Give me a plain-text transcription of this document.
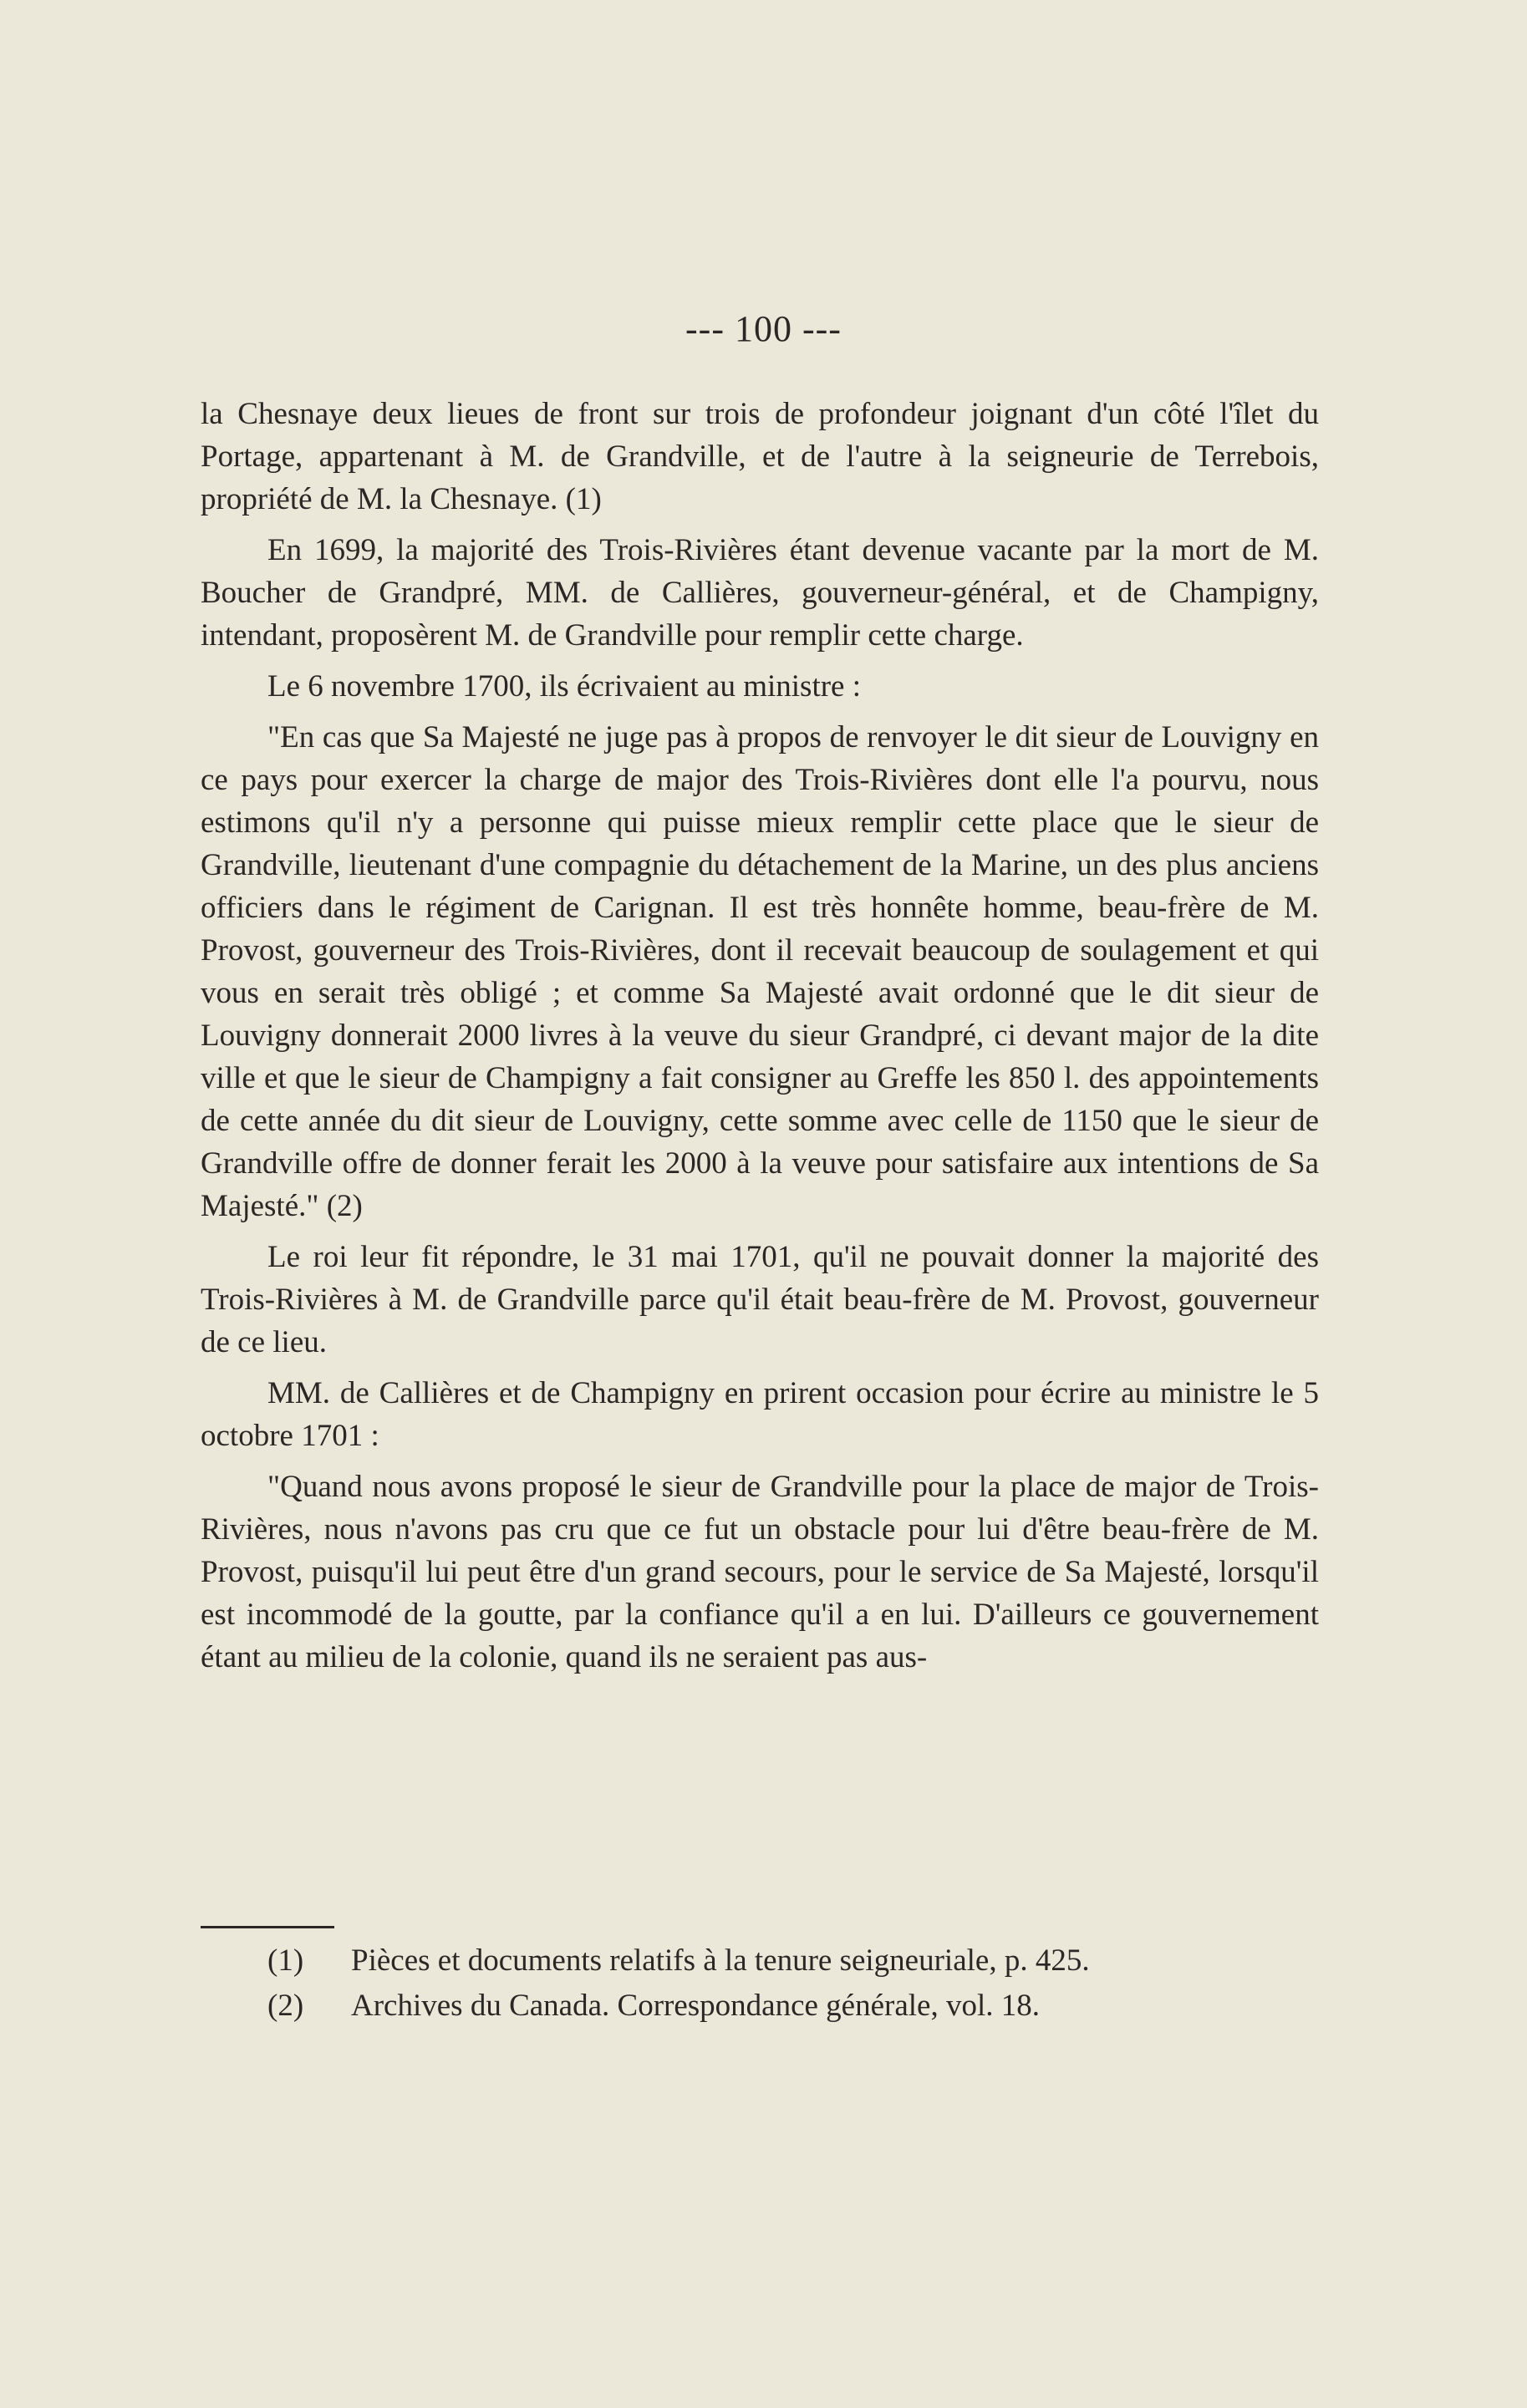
--- 100 ---

la Chesnaye deux lieues de front sur trois de profondeur joignant d'un côté l'îlet du Portage, appartenant à M. de Grandville, et de l'autre à la seigneurie de Terrebois, propriété de M. la Chesnaye. (1)

En 1699, la majorité des Trois-Rivières étant devenue vacante par la mort de M. Boucher de Grandpré, MM. de Callières, gouverneur-général, et de Champigny, intendant, proposèrent M. de Grandville pour remplir cette charge.

Le 6 novembre 1700, ils écrivaient au ministre :

"En cas que Sa Majesté ne juge pas à propos de renvoyer le dit sieur de Louvigny en ce pays pour exercer la charge de major des Trois-Rivières dont elle l'a pourvu, nous estimons qu'il n'y a personne qui puisse mieux remplir cette place que le sieur de Grandville, lieutenant d'une compagnie du détachement de la Marine, un des plus anciens officiers dans le régiment de Carignan. Il est très honnête homme, beau-frère de M. Provost, gouverneur des Trois-Rivières, dont il recevait beaucoup de soulagement et qui vous en serait très obligé ; et comme Sa Majesté avait ordonné que le dit sieur de Louvigny donnerait 2000 livres à la veuve du sieur Grandpré, ci devant major de la dite ville et que le sieur de Champigny a fait consigner au Greffe les 850 l. des appointements de cette année du dit sieur de Louvigny, cette somme avec celle de 1150 que le sieur de Grandville offre de donner ferait les 2000 à la veuve pour satisfaire aux intentions de Sa Majesté." (2)

Le roi leur fit répondre, le 31 mai 1701, qu'il ne pouvait donner la majorité des Trois-Rivières à M. de Grandville parce qu'il était beau-frère de M. Provost, gouverneur de ce lieu.

MM. de Callières et de Champigny en prirent occasion pour écrire au ministre le 5 octobre 1701 :

"Quand nous avons proposé le sieur de Grandville pour la place de major de Trois-Rivières, nous n'avons pas cru que ce fut un obstacle pour lui d'être beau-frère de M. Provost, puisqu'il lui peut être d'un grand secours, pour le service de Sa Majesté, lorsqu'il est incommodé de la goutte, par la confiance qu'il a en lui. D'ailleurs ce gouvernement étant au milieu de la colonie, quand ils ne seraient pas aus-

(1) Pièces et documents relatifs à la tenure seigneuriale, p. 425.

(2) Archives du Canada. Correspondance générale, vol. 18.
